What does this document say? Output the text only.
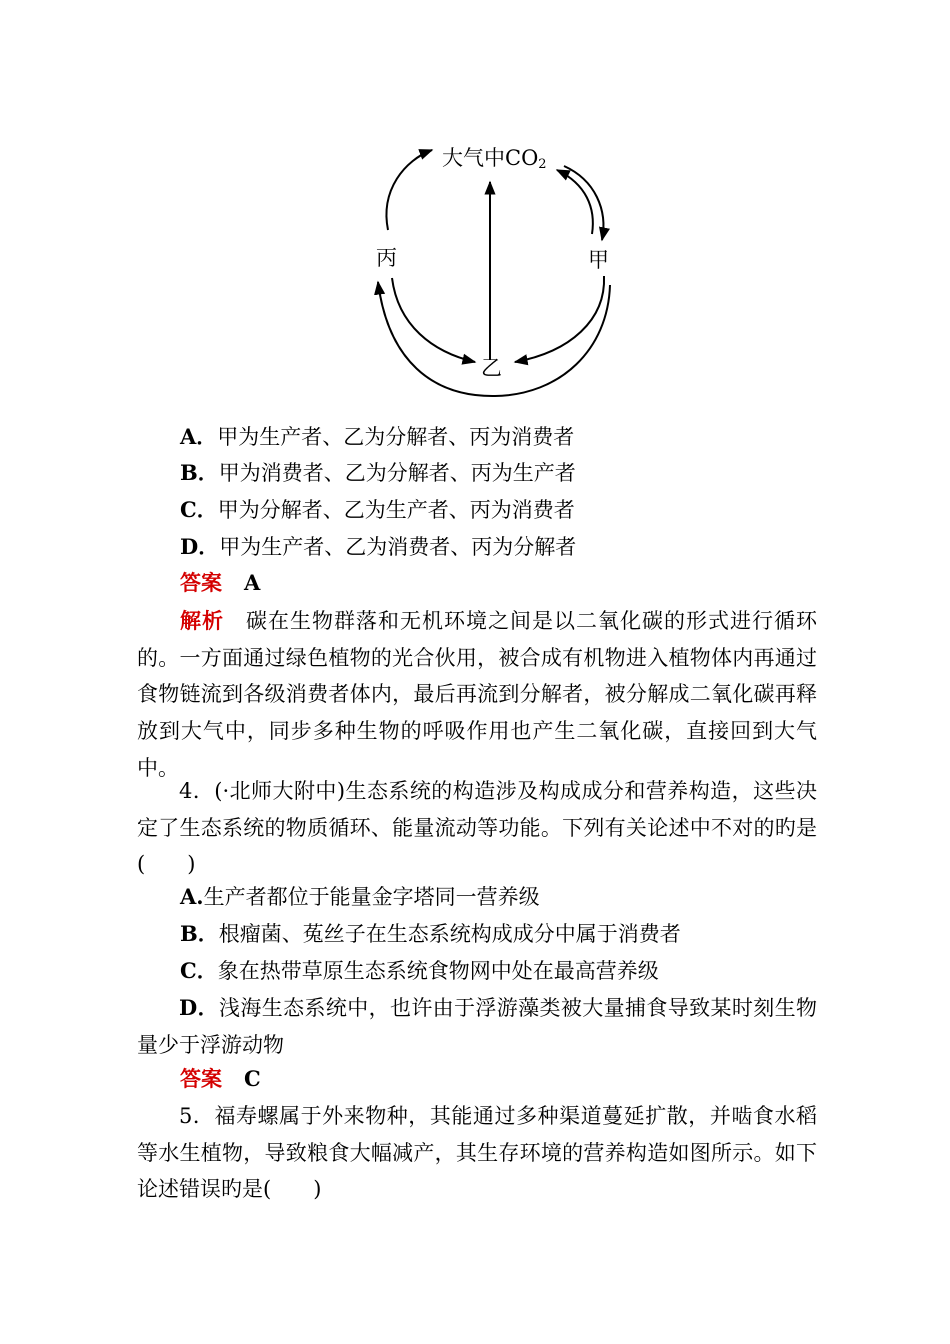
大气中$CO_2$
丙	甲
乙
A．甲为生产者、乙为分解者、丙为消费者
B．甲为消费者、乙为分解者、丙为生产者
C．甲为分解者、乙为生产者、丙为消费者
D．甲为生产者、乙为消费者、丙为分解者
答案 A
解析　 碳在生物群落和无机环境之间是以二氧化碳的形式进行循环的。一方面通过绿色植物的光合伙用，被合成有机物进入植物体内再通过食物链流到各级消费者体内，最后再流到分解者，被分解成二氧化碳再释放到大气中，同步多种生物的呼吸作用也产生二氧化碳，直接回到大气中。
4．(·北师大附中)生态系统的构造涉及构成成分和营养构造，这些决定了生态系统的物质循环、能量流动等功能。下列有关论述中不对的旳是(　　)
A.生产者都位于能量金字塔同一营养级
B．根瘤菌、菟丝子在生态系统构成成分中属于消费者
C．象在热带草原生态系统食物网中处在最高营养级
D．浅海生态系统中，也许由于浮游藻类被大量捕食导致某时刻生物量少于浮游动物
答案 C
5．福寿螺属于外来物种，其能通过多种渠道蔓延扩散，并啮食水稻等水生植物，导致粮食大幅减产，其生存环境的营养构造如图所示。如下论述错误旳是(　　)
